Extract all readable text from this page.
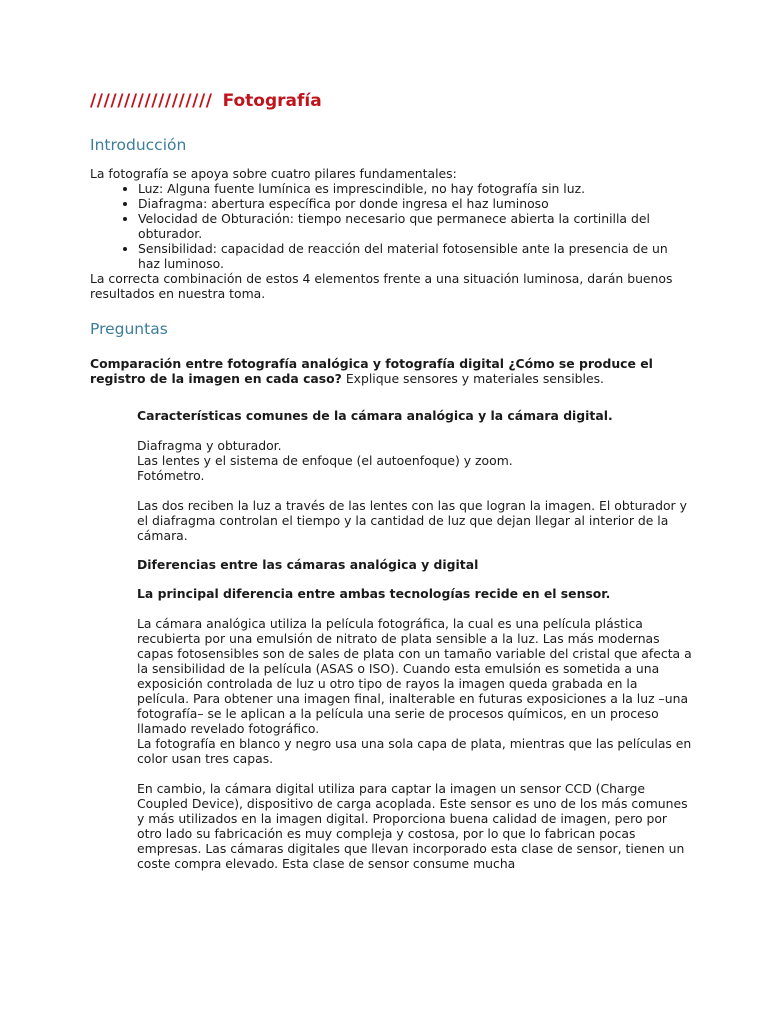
////////////////// Fotografía
Introducción

La fotografía se apoya sobre cuatro pilares fundamentales:

• Luz: Alguna fuente lumínica es imprescindible, no hay fotografía sin luz.
• Diafragma: abertura específica por donde ingresa el haz luminoso
• Velocidad de Obturación: tiempo necesario que permanece abierta la cortinilla del obturador.
• Sensibilidad: capacidad de reacción del material fotosensible ante la presencia de un haz luminoso.

La correcta combinación de estos 4 elementos frente a una situación luminosa, darán buenos resultados en nuestra toma.

Preguntas

Comparación entre fotografía analógica y fotografía digital ¿Cómo se produce el registro de la imagen en cada caso? Explique sensores y materiales sensibles.

Características comunes de la cámara analógica y la cámara digital.

Diafragma y obturador.

Las lentes y el sistema de enfoque (el autoenfoque) y zoom.

Fotómetro.

Las dos reciben la luz a través de las lentes con las que logran la imagen. El obturador y el diafragma controlan el tiempo y la cantidad de luz que dejan llegar al interior de la cámara.

Diferencias entre las cámaras analógica y digital

La principal diferencia entre ambas tecnologías recide en el sensor.

La cámara analógica utiliza la película fotográfica, la cual es una película plástica recubierta por una emulsión de nitrato de plata sensible a la luz. Las más modernas capas fotosensibles son de sales de plata con un tamaño variable del cristal que afecta a la sensibilidad de la película (ASAS o ISO). Cuando esta emulsión es sometida a una exposición controlada de luz u otro tipo de rayos la imagen queda grabada en la película. Para obtener una imagen final, inalterable en futuras exposiciones a la luz –una fotografía– se le aplican a la película una serie de procesos químicos, en un proceso llamado revelado fotográfico.

La fotografía en blanco y negro usa una sola capa de plata, mientras que las películas en color usan tres capas.

En cambio, la cámara digital utiliza para captar la imagen un sensor CCD (Charge Coupled Device), dispositivo de carga acoplada. Este sensor es uno de los más comunes y más utilizados en la imagen digital. Proporciona buena calidad de imagen, pero por otro lado su fabricación es muy compleja y costosa, por lo que lo fabrican pocas empresas. Las cámaras digitales que llevan incorporado esta clase de sensor, tienen un coste compra elevado. Esta clase de sensor consume mucha
